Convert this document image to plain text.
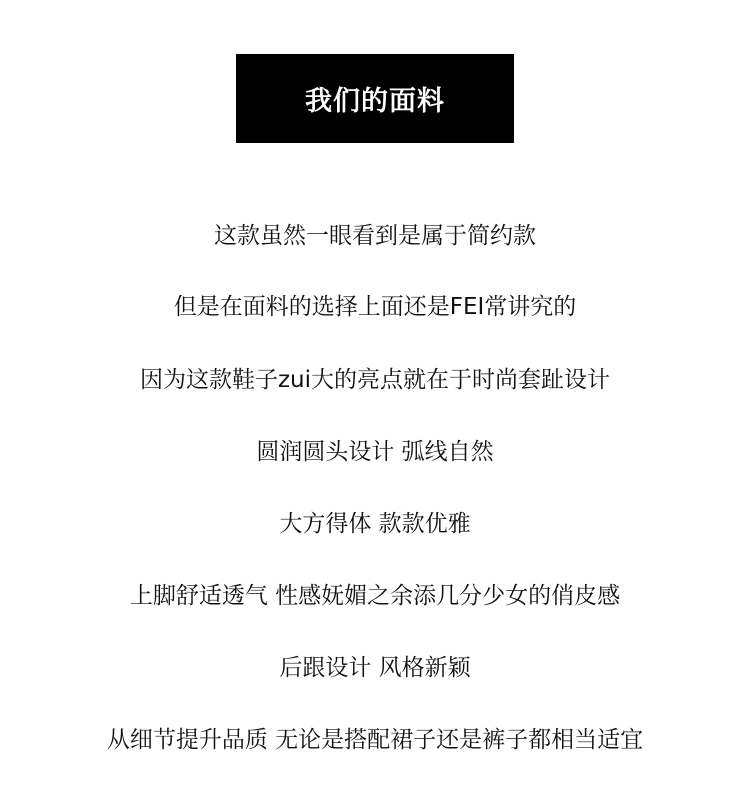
我们的面料
这款虽然一眼看到是属于简约款
但是在面料的选择上面还是FEI常讲究的
因为这款鞋子zui大的亮点就在于时尚套趾设计
圆润圆头设计 弧线自然
大方得体 款款优雅
上脚舒适透气 性感妩媚之余添几分少女的俏皮感
后跟设计 风格新颖
从细节提升品质 无论是搭配裙子还是裤子都相当适宜
